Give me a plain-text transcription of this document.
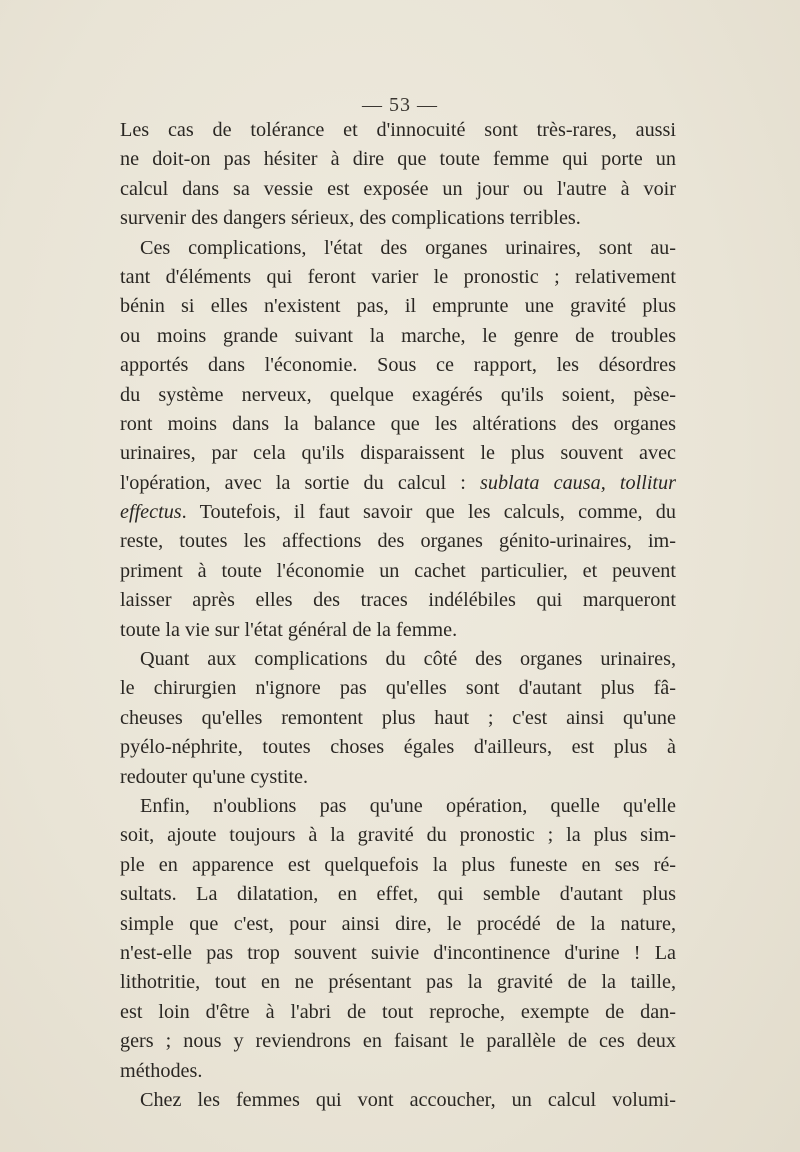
— 53 —
Les cas de tolérance et d'innocuité sont très-rares, aussi
ne doit-on pas hésiter à dire que toute femme qui porte un
calcul dans sa vessie est exposée un jour ou l'autre à voir
survenir des dangers sérieux, des complications terribles.
Ces complications, l'état des organes urinaires, sont au-
tant d'éléments qui feront varier le pronostic ; relativement
bénin si elles n'existent pas, il emprunte une gravité plus
ou moins grande suivant la marche, le genre de troubles
apportés dans l'économie. Sous ce rapport, les désordres
du système nerveux, quelque exagérés qu'ils soient, pèse-
ront moins dans la balance que les altérations des organes
urinaires, par cela qu'ils disparaissent le plus souvent avec
l'opération, avec la sortie du calcul : sublata causa, tollitur
effectus. Toutefois, il faut savoir que les calculs, comme, du
reste, toutes les affections des organes génito-urinaires, im-
priment à toute l'économie un cachet particulier, et peuvent
laisser après elles des traces indélébiles qui marqueront
toute la vie sur l'état général de la femme.
Quant aux complications du côté des organes urinaires,
le chirurgien n'ignore pas qu'elles sont d'autant plus fâ-
cheuses qu'elles remontent plus haut ; c'est ainsi qu'une
pyélo-néphrite, toutes choses égales d'ailleurs, est plus à
redouter qu'une cystite.
Enfin, n'oublions pas qu'une opération, quelle qu'elle
soit, ajoute toujours à la gravité du pronostic ; la plus sim-
ple en apparence est quelquefois la plus funeste en ses ré-
sultats. La dilatation, en effet, qui semble d'autant plus
simple que c'est, pour ainsi dire, le procédé de la nature,
n'est-elle pas trop souvent suivie d'incontinence d'urine ! La
lithotritie, tout en ne présentant pas la gravité de la taille,
est loin d'être à l'abri de tout reproche, exempte de dan-
gers ; nous y reviendrons en faisant le parallèle de ces deux
méthodes.
Chez les femmes qui vont accoucher, un calcul volumi-
